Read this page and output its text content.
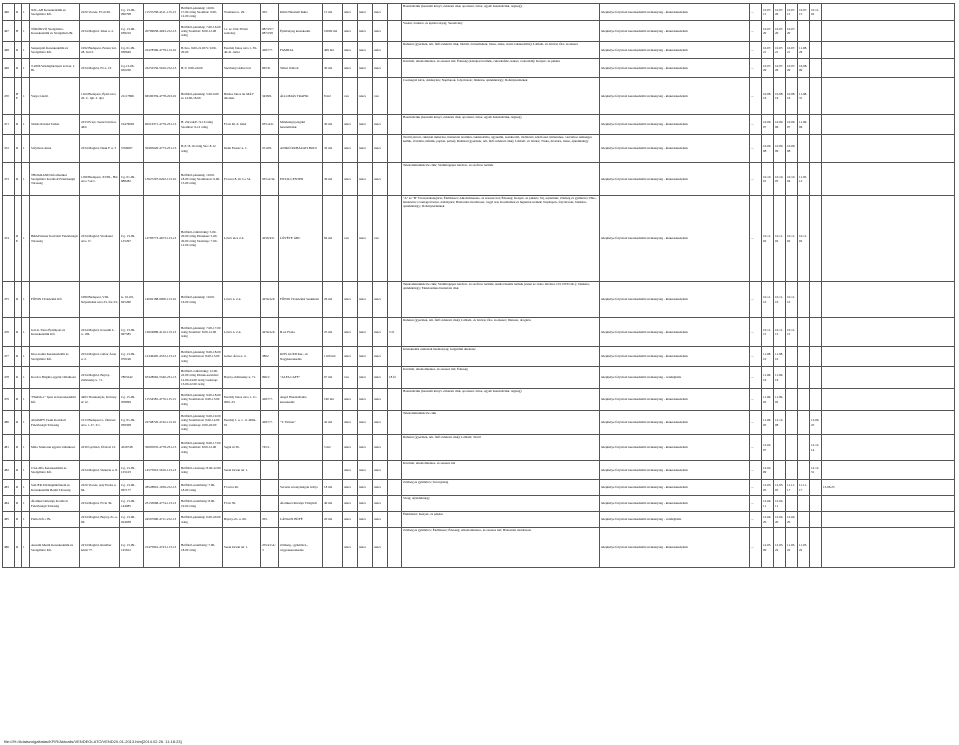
466	R	1	XZL-AB Kereskedelmi és Szolgáltató Kft.	2220 Vecsés, Fő út 60.	Cg. 13-09-090798	11537238-4511-113-13	Hétfőtől-péntekig: 10.00-17.00 óráig Szombat: 9.00-12.00 óráig	Wodianer u. 29.	205.	Kültő Használt Ruha	15 m2	nincs	nincs	nincs		Használtcikk (használt könyv, ruházati cikk, sportszer, bútor, egyéb használtcikk, régiség);	telephelye folytatott kereskedelmi tevékenység - kiskereskedelem	...	10.07.15	10.07.20	10.07.15	10.07.15	10.11.02	
467	H	1	TÖRÖKVÖ Szolgáltató-Kereskedelmi és Szolgáltató Bt.	2234 Maglód, Jókai u. 2.	Cg. 13-06-038210	20769658-4943-212-13	Hétfőtől-péntekig: 7.00-16.00 óráig Szombat: 8.00-12.00 óráig	11. sz. főút 30 km szelvény	0873/57; 0873/58	Építőanyag kereskedés	10000 m2	nincs	nincs	nincs		Vasáru, barkács, és építési anyag; Szerelvény	telephelye folytatott kereskedelmi tevékenység - kiskereskedelem	...	10.07.20	10.07.20	10.07.20			
468	R	1	Szuperpiló Kereskedelmi és Szolgáltató Kft.	1092 Budapest, Ferenc krt. 28. fszt.5.	Cg. 01-09-938649	22478566-4778-113-01	H-Szo. 9.00-21.00 V. 9.00-20.00	Ezerbáj János utca 1. 39-40-41. üzlet	428/7/7.	FAMILIA	409 m2	nincs	nincs	nincs		Ruházat (gyermek, női, férfi ruházati cikk, lábbeli, bőrtermékek, bizsu, táska, textil, lakástextília); Lábbeli- és bőráru; Óra- és ékszer	telephelye folytatott kereskedelmi tevékenység - kiskereskedelem	...	10.07.21	10.07.21	10.07.21	11.08.26		
469	R	1	T-2006 Vendéglátóipari és Ker. é Bt.	2234 Maglód, Fő u. 19	Cg.13-06-056230	22252559-5610-212-13	H-V. 0:00-24:00	Széchenyi Albert tér	965/8.	Talizó Italbolt	30 m2	nincs	nincs	nincs		Kávéital, alkoholmentes- és szeszes ital; Édesség (édesipari termék, cukorkaféle, kakaó, csokoládé); Kenyér- és pékáru	telephelye folytatott kereskedelmi tevékenység - kiskereskedelem	...	10.07.29	10.07.29	10.07.29	10.08.09		
470	HE	1	Varga László	1164 Budapest, Építő utca 20. C. lph. 2. ajtó	21117806	66500359-4778-223-01	Hétfőtől-péntekig: 5.00-9.00 és 14.00-18.00	Bethes János tér MÁV állomás	3438/6.	ÁLLOMÁS TRAFIK	8 m2	van	nincs	van		Csomagolt kávé, dohányáru; Napilapok, folyóiratok; Játékáru, ajándéktárgy; Dohánytermékek	telephelye folytatott kereskedelmi tevékenység - kiskereskedelem	...	10.08.16	10.08.16	10.08.16	11.08.31		
471	R	1	Tamás Roland Tamás	2233 Ecser, Szent István u. 46/b	19476692	60216371-4779-231-13	H. Zárvak/P.: 9-16 óráig Szombat: 9-12 óráig	Fő út 40. 6. üzlet	935/A/6.	Mindenigi pengahí használtcikk	30 m2	nincs	nincs	nincs		Használtcikk (használt könyv, ruházati cikk, sportszer, bútor, egyéb használtcikk, régiség)	telephelye folytatott kereskedelmi tevékenység - kiskereskedelem	...	10.09.07	10.09.06	10.09.07	11.09.06		
472	R	1	Sólymosi Anna	2234 Maglód, Deák F. u. 5	5766097	50465026-4773-251-13	H-P.: 8-16 óráig Szo: 8-12 óráig	Deák Ferenc u. 1.	2510/6.	ANIKÓ RUHÁZATI BOLT	32 m2	nincs	nincs	nincs		Textil (szövet, ruházati méteráru, háztartási textiláru, lakástextília, ágynemű, asztalterítő, törölköző, kötőfonal, hímzéshez, varráshoz szükséges kellék, rövidáru, tűfélék, paplan, párna); Ruházat (gyermek, női, férfi ruházati cikk); Lábbeli- és bőráru; Táska, divatáru, bizsu, ajándéktárgy	telephelye folytatott kereskedelmi tevékenység - kiskereskedelem	...	10.09.08	10.09.09	10.09.08			
473	R	1	THOGRAND Informatikai Szolgáltató Korlátolt Felelősségű Társaság	1180 Budapest, XVIII., Hát utca 7/A/1.	Cg. 01-09-888282	13927297-6202-113-01	Hétfőtől-péntekig: 10.00-18.00 óráig Szombaton: 9.00-13.00 óráig	Fő utca 8-10. Lo 34.	935/A/34.	ENT-R-CENTER	36 m2	nincs	nincs	nincs		Telekommunikációs cikk; Számítógépes hardver- és szoftver termék	telephelye folytatott kereskedelmi tevékenység - kiskereskedelem	...	10.10.01	10.10.05	10.10.04	11.05.12		
474	RE	1	B&GPrinster Korlátolt Felelősségű Társaság	2234 Maglód, Wodianer utca 17.	Cg. 13-09-125297	14783773-4673-113-13	Hétfőtől-csütörtökig: 5.00-20.00 óráig Pénteken: 5.00-20.00 óráig Vasárnap: 7.00-12.00 óráig	Lővér utca 2-4.	4256/4/6.	LŐVÉTE ÁBC	84 m2	van	nincs	van		"A" és "B" fővesszőkategória; Élelmiszer; Alkoholmentes- és szeszes ital; Édesség; Kenyér- és pékáru; Tej, tejtermék; Zöldség és gyümölcs; Hús-, hentesáru; Csomagolt kávé, dohányáru; Háztartási tisztítószer, vegyi áru; Kozmetikai és higiéniai termék; Napilapok, folyóiratok; Játékáru, ajándéktárgy; Dohánytermékek	telephelye folytatott kereskedelmi tevékenység - kiskereskedelem	...	10.11.02	10.11.02	10.11.02	10.11.02		
475	R	1	FŐNIX Távközlési Kft.	1080 Budapest, VIII. Népszínház utca 23. fsz.3/b	G. 01-09-925260	14092188-9900-113-01	Hétfőtől-péntekig: 10.00-16.00 óráig	Lővér u. 2-4.	4256/A/6.	FŐNIX Távközlési Szaküzlet	26 m2	nincs	nincs	nincs		Telekommunikációs cikk; Számítógépes hardver- és szoftver termék; Audiovizuális termék (zenei és video felvétel, CD, DVD stb.); Játékáru, ajándéktárgy; Elektronikus háztartási cikk	telephelye folytatott kereskedelmi tevékenység - kiskereskedelem	...	10.11.10	10.11.10	10.11.10			
476	R	1	Gál és Társa Építőipari és Kereskedelmi Kft.	2234 Maglód, Kossuth L. u. 106.	Cg. 13-09-067585	12824898-4110-113-13	Hétfőtől-péntekig: 7.00-17.00 óráig Szombat: 8.00-12.00 óráig	Lővér u. 2-4.	4256/A/6.	B-ex Flotta	25 m2	nincs	nincs	nincs	5 fő	Ruházat (gyermek, női, férfi ruházati cikk); Lábbeli- és bőráru; Óra- és ékszer; Illatszer, drogéria	telephelye folytatott kereskedelmi tevékenység - kiskereskedelem	...	10.11.15	10.11.15	10.11.15			
477	R	1	Kiss-Gamz Kereskedelmi és Szolgáltató Kft.	2234 Maglód, Gábor Áron u. 2.	Cg. 13-09-076196	12346495-4533-113-13	Hétfőtől-péntekig: 8.00-18.00 óráig Szombaton: 8.00-13.00 óráig	Gábor Áron u. 2.	3802	KISS GUMI Ker.- és Nagykereskedés	1100 m2	nincs	nincs	nincs		Közlekedési eszközök üzemanyag; Gépjármű alkatrész	telephelye folytatott kereskedelmi tevékenység - kiskereskedelem	...	11.08.10	11.08.10				
478	R	1	Kovács Brigitta egyéni vállalkozó	2234 Maglód, Bajcsy-Zsilinszky u. 71.	7805242	63328062-5540-231-13	Hétfőtől-csütörtökig: 12.00-22.00 óráig Péntek-szombat: 12.00-24.00 óráig vasárnap: 13.00-22.00 óráig	Bajcsy-Zsilinszky u. 71.	996/2	"ALFA CAFE"	67 m2	van	nincs	nincs	18 fő	Kávéital, alkoholmentes- és szeszes ital; Édesség	telephelye folytatott kereskedelmi tevékenység - vendéglátás	...	11.06.16	11.06.16				
479	R	1	"HADA-1" Ipari és Kereskedelmi Kft.	4493 Tiszakanyár, Kölcsey út 12.	Cg. 15-09-058099	11554585-4779-115-15	Hétfőtől-péntekig: 9.00-18.00 óráig Szombaton: 9.00-13.00 óráig	Ezerbáj János utca 1. 11-0001-01	428/7/7.	Angol Használtruha kereskedés	160 m2	nincs	nincs	nincs		Használtcikk (használt könyv, ruházati cikk, sportszer, bútor, egyéb használtcikk, régiség)	telephelye folytatott kereskedelmi tevékenység - kiskereskedelem	...	11.09.02	11.09.02				
480	R	1	ADAMFY Team Korlátolt Felelősségű Társaság	1013 Budapest I., Öntevér utca 1. 27. 3/1.	Cg. 01-09-939508	22798720-4742-113-01	Hétfőtől-péntekig: 9.00-19.00 óráig Szombaton: 9.00-14.00 óráig vasárnap: 9.00-20.00 óráig	Ezerbáj J. u. 1. 11-0004-01	428/7/7.	"T. Partner"	42 m2	nincs	nincs	nincs		Telekommunikációs cikk	telephelye folytatott kereskedelmi tevékenység - kiskereskedelem	...	11.09.05	12.12.08			13.06.25	
481	R	1	Mala Sándorné egyéni vállalkozó	2230 Gyömrő, Ülők út 12.	4526748	50605635-4778-231-13	Hétfőtől-péntekig: 8.00-17.00 óráig Szombat: 8.00-12.00 óráig	Segát út 36.	745/1.		5 m2	nincs	nincs	nincs		Ruházat (gyermek, női, férfi ruházati cikk); Lábbeli; Textil	telephelye folytatott kereskedelmi tevékenység - kiskereskedelem	...	12.02.07				12.12.14	
482	R	1	CSA-MG Kereskedelmi és Szolgáltató Kft.	2234 Maglód, Wekerle u. 8.	Cg. 13-09-125103	14575910-5610-113-13	Hétfőtől-vasárnap: 8.00-22.00 óráig	Szent István tér 1.				nincs	nincs	nincs		Kávéital, alkoholmentes- és szeszes ital	telephelye folytatott kereskedelmi tevékenység - kiskereskedelem	...	12.02.09				12.12.31	
483	R	1	SAUER Zöldséghűtőüzem és Kereskedelmi Betéti Társaság	2220 Vecsés, Ady Endre u. 84.	Cg. 13-06-067177	28528810-1039-212-13	Hétfőtől-szombatig: 7.00-18.00 óráig	Fő utca 46.		Vecsési savanyúságok boltja	18 m2	nincs	nincs	nincs		Zöldség és gyümölcs; Savanyúság	telephelye folytatott kereskedelmi tevékenység - kiskereskedelem	...	12.03.05	12.03.05	11.11.17	11.11.17		13.06.25
484	R	1	Álomkert Rózsája Korlátolt Felelősségű Társaság	2234 Maglód, Fő út 36.	Cg. 13-09-144085	23133068-4774-113-13	Hétfőtől-szombatig: 8.00-19.00 óráig	Fő út 36.		Álomkert Rózsája Virágbolt	40 m2	nincs	nincs	nincs		Virág; Ajándéktárgy	telephelye folytatott kereskedelmi tevékenység - kiskereskedelem	...	12.04.11	12.04.11				
485	R	1	Paiita Kft. r Bt.	2234 Maglód, Bajcsy-Zs. u. 69.	Cg. 13-06-024638	24507990-4711-212-13	Hétfőtől-péntekig: 6.00-20.00 óráig	Bajcsy-Zs. u. 69.	205.	LÁNGOS BÜFÉ	20 m2	nincs	nincs	nincs		Élelmiszer; Kenyér- és pékáru	telephelye folytatott kereskedelmi tevékenység - vendéglátás	...	12.04.20	12.04.20	12.04.20			
486	R	1	Anasim Mezál Kereskedelmi és Szolgáltató Kft.	2234 Maglód, Rendber körút 77.	Cg. 13-09-145812	21475891-4723-113-13	Hétfőtől-szombatig: 7.00-18.00 óráig	Szent István tér 1.	2554/1/A/3	Zöldség-, gyümölcs-, vegyeskereskedés		nincs	nincs	nincs		Zöldség és gyümölcs; Élelmiszer; Édesség; Alkoholmentes- és szeszes ital; Háztartási tisztítószer	telephelye folytatott kereskedelmi tevékenység - kiskereskedelem	...	12.05.09	12.03.22	11.03.22	11.03.22		
file:///H:/Adatszolgaltatas/KFIR/Aktualis/VENDEGLATO/VEND20-01-2013.htm[2014.02.26. 11:18:23]
